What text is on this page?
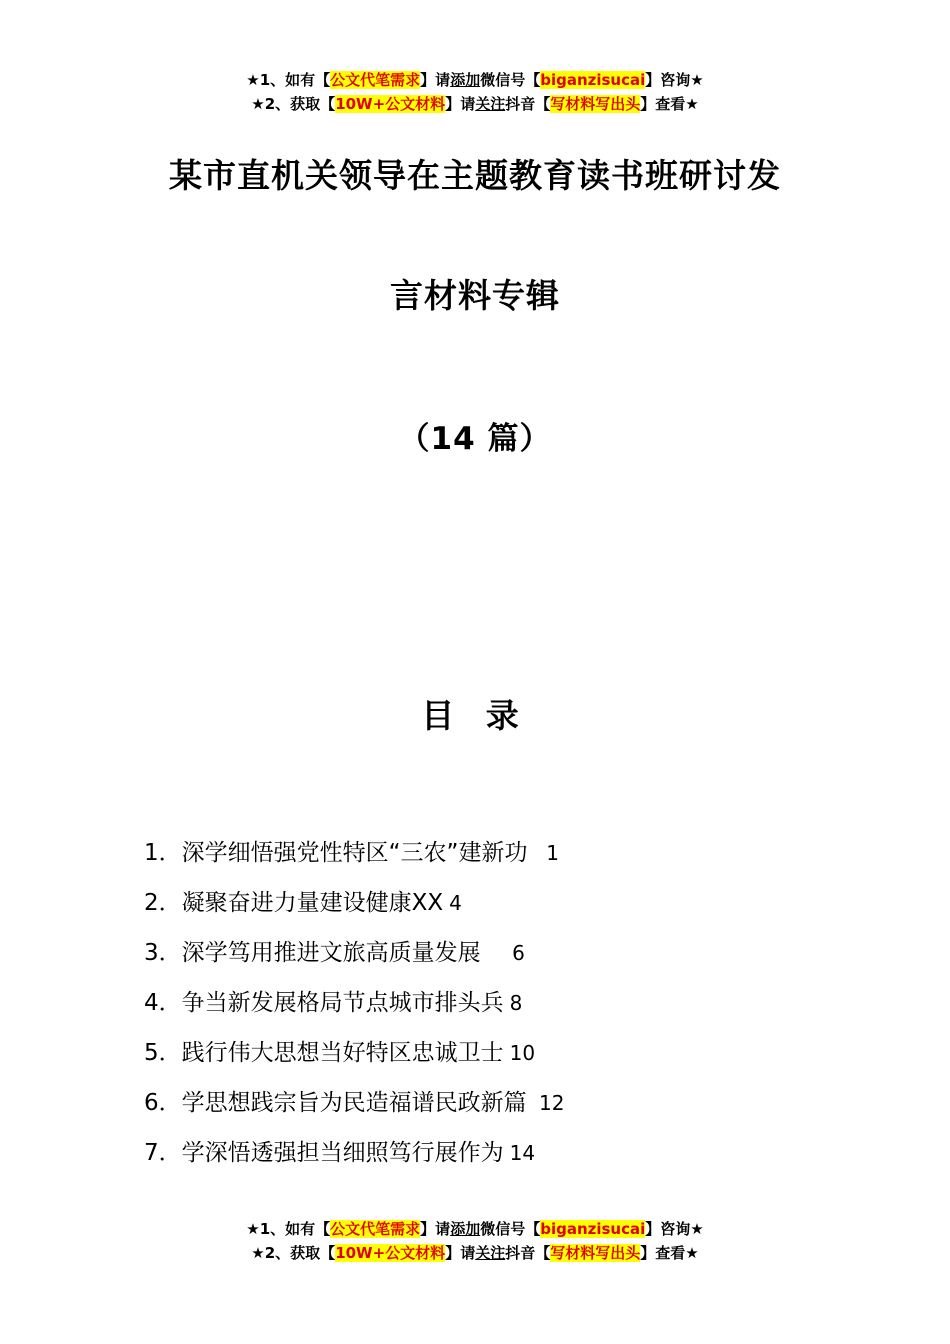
★1、如有【公文代笔需求】请添加微信号【biganzisucai】咨询★
★2、获取【10W+公文材料】请关注抖音【写材料写出头】查看★
某市直机关领导在主题教育读书班研讨发
言材料专辑
（14 篇）
目 录
1．深学细悟强党性特区“三农”建新功  1
2．凝聚奋进力量建设健康XX 4
3．深学笃用推进文旅高质量发展    6
4．争当新发展格局节点城市排头兵 8
5．践行伟大思想当好特区忠诚卫士 10
6．学思想践宗旨为民造福谱民政新篇 12
7．学深悟透强担当细照笃行展作为 14
★1、如有【公文代笔需求】请添加微信号【biganzisucai】咨询★
★2、获取【10W+公文材料】请关注抖音【写材料写出头】查看★
